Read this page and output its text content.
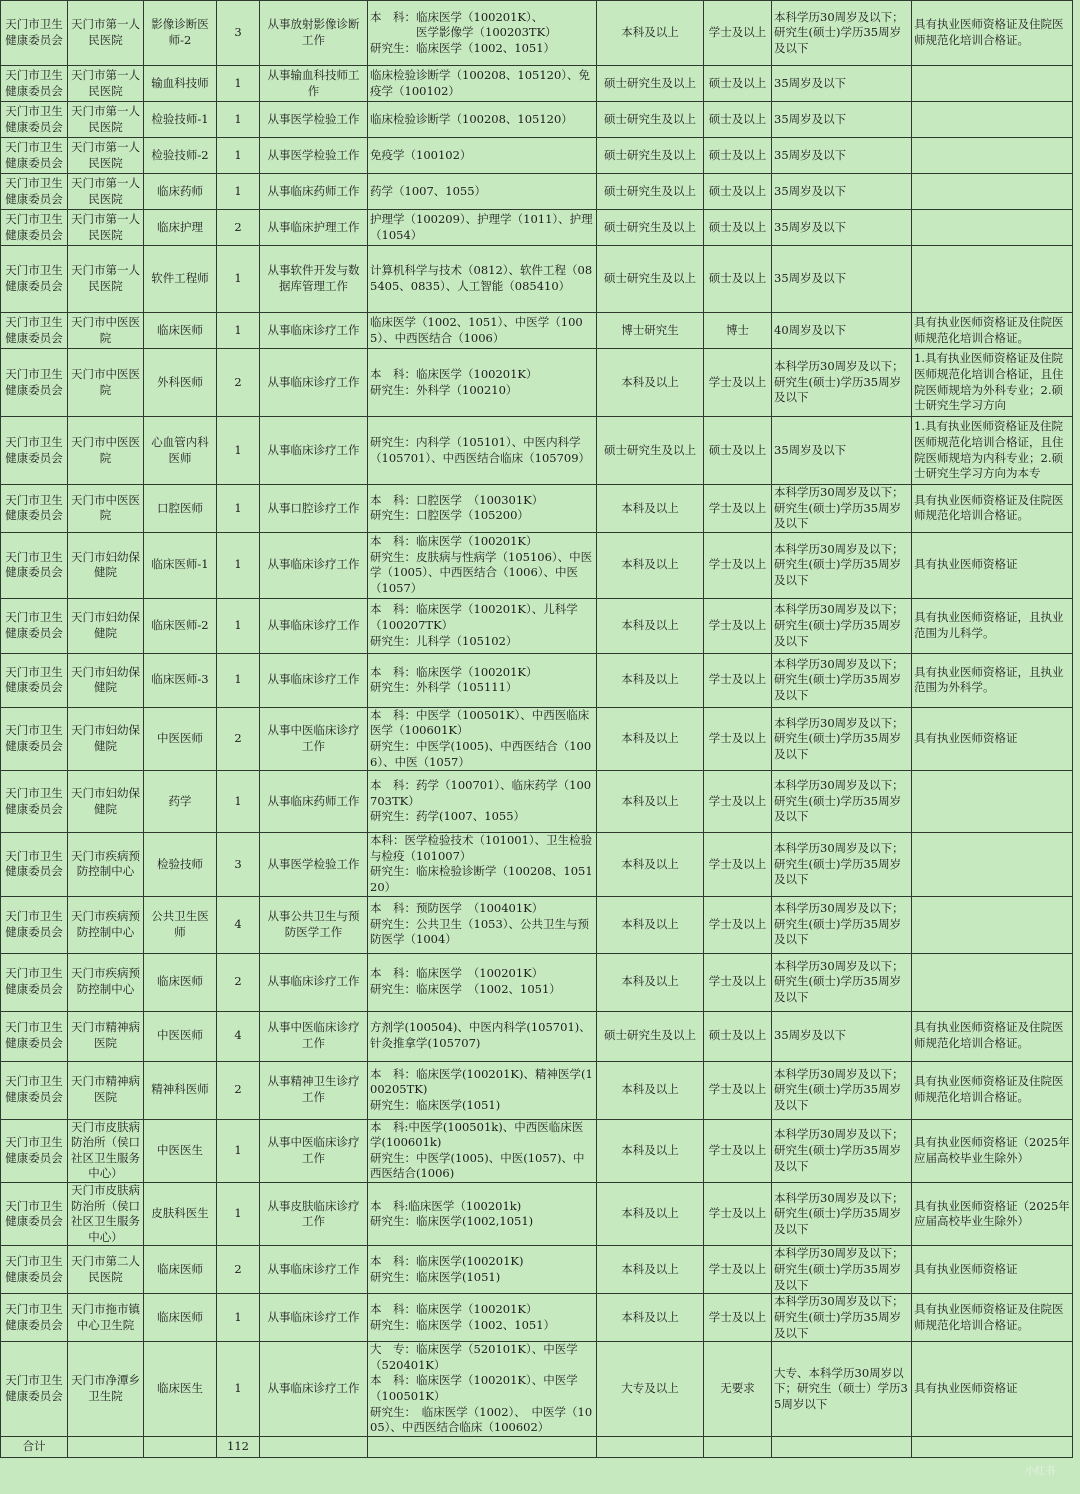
天门市卫生健康委员会	天门市第一人民医院	影像诊断医师-2	3	从事放射影像诊断工作	本　科：临床医学（100201K）、
　　　　医学影像学（100203TK）
研究生：临床医学（1002、1051）	本科及以上	学士及以上	本科学历30周岁及以下；研究生(硕士)学历35周岁及以下	具有执业医师资格证及住院医师规范化培训合格证。
天门市卫生健康委员会	天门市第一人民医院	输血科技师	1	从事输血科技师工作	临床检验诊断学（100208、105120）、免疫学（100102）	硕士研究生及以上	硕士及以上	35周岁及以下	
天门市卫生健康委员会	天门市第一人民医院	检验技师-1	1	从事医学检验工作	临床检验诊断学（100208、105120）	硕士研究生及以上	硕士及以上	35周岁及以下	
天门市卫生健康委员会	天门市第一人民医院	检验技师-2	1	从事医学检验工作	免疫学（100102）	硕士研究生及以上	硕士及以上	35周岁及以下	
天门市卫生健康委员会	天门市第一人民医院	临床药师	1	从事临床药师工作	药学（1007、1055）	硕士研究生及以上	硕士及以上	35周岁及以下	
天门市卫生健康委员会	天门市第一人民医院	临床护理	2	从事临床护理工作	护理学（100209）、护理学（1011）、护理（1054）	硕士研究生及以上	硕士及以上	35周岁及以下	
天门市卫生健康委员会	天门市第一人民医院	软件工程师	1	从事软件开发与数据库管理工作	计算机科学与技术（0812）、软件工程（085405、0835）、人工智能（085410）	硕士研究生及以上	硕士及以上	35周岁及以下	
天门市卫生健康委员会	天门市中医医院	临床医师	1	从事临床诊疗工作	临床医学（1002、1051）、中医学（1005）、中西医结合（1006）	博士研究生	博士	40周岁及以下	具有执业医师资格证及住院医师规范化培训合格证。
天门市卫生健康委员会	天门市中医医院	外科医师	2	从事临床诊疗工作	本　科：临床医学（100201K）
研究生：外科学（100210）	本科及以上	学士及以上	本科学历30周岁及以下；研究生(硕士)学历35周岁及以下	1.具有执业医师资格证及住院医师规范化培训合格证，且住院医师规培为外科专业；2.硕士研究生学习方向
天门市卫生健康委员会	天门市中医医院	心血管内科医师	1	从事临床诊疗工作	研究生：内科学（105101）、中医内科学（105701）、中西医结合临床（105709）	硕士研究生及以上	硕士及以上	35周岁及以下	1.具有执业医师资格证及住院医师规范化培训合格证，且住院医师规培为内科专业；2.硕士研究生学习方向为本专
天门市卫生健康委员会	天门市中医医院	口腔医师	1	从事口腔诊疗工作	本　科：口腔医学　（100301K）
研究生：口腔医学（105200）	本科及以上	学士及以上	本科学历30周岁及以下；研究生(硕士)学历35周岁及以下	具有执业医师资格证及住院医师规范化培训合格证。
天门市卫生健康委员会	天门市妇幼保健院	临床医师-1	1	从事临床诊疗工作	本　科：临床医学（100201K）
研究生：皮肤病与性病学（105106）、中医学（1005）、中西医结合（1006）、中医（1057）	本科及以上	学士及以上	本科学历30周岁及以下；研究生(硕士)学历35周岁及以下	具有执业医师资格证
天门市卫生健康委员会	天门市妇幼保健院	临床医师-2	1	从事临床诊疗工作	本　科：临床医学（100201K）、儿科学（100207TK）
研究生：儿科学（105102）	本科及以上	学士及以上	本科学历30周岁及以下；研究生(硕士)学历35周岁及以下	具有执业医师资格证，且执业范围为儿科学。
天门市卫生健康委员会	天门市妇幼保健院	临床医师-3	1	从事临床诊疗工作	本　科：临床医学（100201K）
研究生：外科学（105111）	本科及以上	学士及以上	本科学历30周岁及以下；研究生(硕士)学历35周岁及以下	具有执业医师资格证，且执业范围为外科学。
天门市卫生健康委员会	天门市妇幼保健院	中医医师	2	从事中医临床诊疗工作	本　科：中医学（100501K）、中西医临床医学（100601K）
研究生：中医学(1005)、中西医结合（1006）、中医（1057）	本科及以上	学士及以上	本科学历30周岁及以下；研究生(硕士)学历35周岁及以下	具有执业医师资格证
天门市卫生健康委员会	天门市妇幼保健院	药学	1	从事临床药师工作	本　科：药学（100701）、临床药学（100703TK）
研究生：药学(1007、1055）	本科及以上	学士及以上	本科学历30周岁及以下；研究生(硕士)学历35周岁及以下	
天门市卫生健康委员会	天门市疾病预防控制中心	检验技师	3	从事医学检验工作	本科：医学检验技术（101001）、卫生检验与检疫（101007）
研究生：临床检验诊断学（100208、105120）	本科及以上	学士及以上	本科学历30周岁及以下；研究生(硕士)学历35周岁及以下	
天门市卫生健康委员会	天门市疾病预防控制中心	公共卫生医师	4	从事公共卫生与预防医学工作	本　科：预防医学　（100401K）
研究生：公共卫生（1053）、公共卫生与预防医学（1004）	本科及以上	学士及以上	本科学历30周岁及以下；研究生(硕士)学历35周岁及以下	
天门市卫生健康委员会	天门市疾病预防控制中心	临床医师	2	从事临床诊疗工作	本　科：临床医学　（100201K）
研究生：临床医学　（1002、1051）	本科及以上	学士及以上	本科学历30周岁及以下；研究生(硕士)学历35周岁及以下	
天门市卫生健康委员会	天门市精神病医院	中医医师	4	从事中医临床诊疗工作	方剂学(100504)、中医内科学(105701)、针灸推拿学(105707)	硕士研究生及以上	硕士及以上	35周岁及以下	具有执业医师资格证及住院医师规范化培训合格证。
天门市卫生健康委员会	天门市精神病医院	精神科医师	2	从事精神卫生诊疗工作	本　科：临床医学(100201K)、精神医学(100205TK)
研究生：临床医学(1051)	本科及以上	学士及以上	本科学历30周岁及以下；研究生(硕士)学历35周岁及以下	具有执业医师资格证及住院医师规范化培训合格证。
天门市卫生健康委员会	天门市皮肤病防治所（侯口社区卫生服务中心）	中医医生	1	从事中医临床诊疗工作	本　科:中医学(100501k)、中西医临床医学(100601k)
研究生：中医学(1005)、中医(1057)、中西医结合(1006)	本科及以上	学士及以上	本科学历30周岁及以下；研究生(硕士)学历35周岁及以下	具有执业医师资格证（2025年应届高校毕业生除外）
天门市卫生健康委员会	天门市皮肤病防治所（侯口社区卫生服务中心）	皮肤科医生	1	从事皮肤临床诊疗工作	本　科:临床医学（100201k)
研究生：临床医学(1002,1051)	本科及以上	学士及以上	本科学历30周岁及以下；研究生(硕士)学历35周岁及以下	具有执业医师资格证（2025年应届高校毕业生除外）
天门市卫生健康委员会	天门市第二人民医院	临床医师	2	从事临床诊疗工作	本　科：临床医学(100201K)
研究生：临床医学(1051)	本科及以上	学士及以上	本科学历30周岁及以下；研究生(硕士)学历35周岁及以下	具有执业医师资格证
天门市卫生健康委员会	天门市拖市镇中心卫生院	临床医师	1	从事临床诊疗工作	本　科：临床医学（100201K）
研究生：临床医学（1002、1051）	本科及以上	学士及以上	本科学历30周岁及以下；研究生(硕士)学历35周岁及以下	具有执业医师资格证及住院医师规范化培训合格证。
天门市卫生健康委员会	天门市净潭乡卫生院	临床医生	1	从事临床诊疗工作	大　专：临床医学（520101K）、中医学（520401K）
本　科：临床医学（100201K）、中医学（100501K）
研究生：　临床医学（1002）、　中医学（1005）、中西医结合临床（100602）	大专及以上	无要求	大专、本科学历30周岁以下；研究生（硕士）学历35周岁以下	具有执业医师资格证
合计			112						
小红书
